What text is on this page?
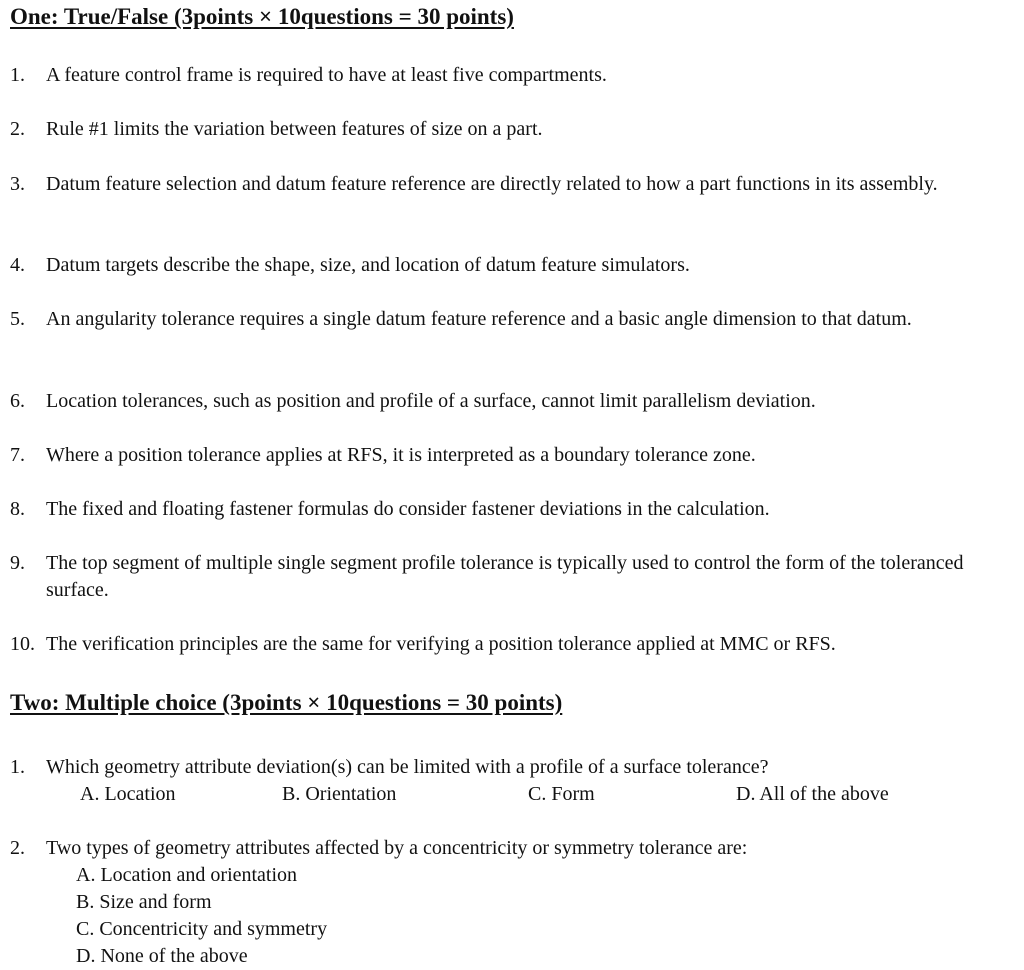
One: True/False (3points × 10questions = 30 points)
1. A feature control frame is required to have at least five compartments.
2. Rule #1 limits the variation between features of size on a part.
3. Datum feature selection and datum feature reference are directly related to how a part functions in its assembly.
4. Datum targets describe the shape, size, and location of datum feature simulators.
5. An angularity tolerance requires a single datum feature reference and a basic angle dimension to that datum.
6. Location tolerances, such as position and profile of a surface, cannot limit parallelism deviation.
7. Where a position tolerance applies at RFS, it is interpreted as a boundary tolerance zone.
8. The fixed and floating fastener formulas do consider fastener deviations in the calculation.
9. The top segment of multiple single segment profile tolerance is typically used to control the form of the toleranced surface.
10. The verification principles are the same for verifying a position tolerance applied at MMC or RFS.
Two: Multiple choice (3points × 10questions = 30 points)
1. Which geometry attribute deviation(s) can be limited with a profile of a surface tolerance?
A. Location	B. Orientation	C. Form	D. All of the above
2. Two types of geometry attributes affected by a concentricity or symmetry tolerance are:
A. Location and orientation
B. Size and form
C. Concentricity and symmetry
D. None of the above
